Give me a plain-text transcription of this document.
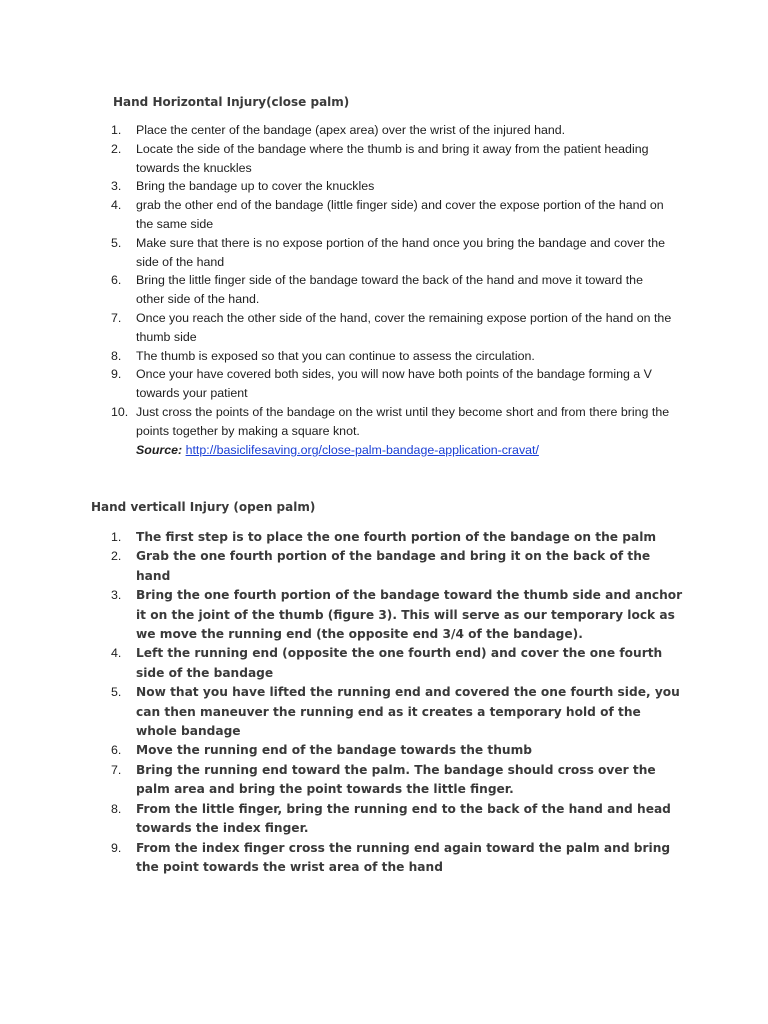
Hand Horizontal Injury(close palm)
1. Place the center of the bandage (apex area) over the wrist of the injured hand.
2. Locate the side of the bandage where the thumb is and bring it away from the patient heading towards the knuckles
3. Bring the bandage up to cover the knuckles
4. grab the other end of the bandage (little finger side) and cover the expose portion of the hand on the same side
5. Make sure that there is no expose portion of the hand once you bring the bandage and cover the side of the hand
6. Bring the little finger side of the bandage toward the back of the hand and move it toward the other side of the hand.
7. Once you reach the other side of the hand, cover the remaining expose portion of the hand on the thumb side
8. The thumb is exposed so that you can continue to assess the circulation.
9. Once your have covered both sides, you will now have both points of the bandage forming a V towards your patient
10. Just cross the points of the bandage on the wrist until they become short and from there bring the points together by making a square knot.
Source: http://basiclifesaving.org/close-palm-bandage-application-cravat/
Hand verticall Injury (open palm)
1. The first step is to place the one fourth portion of the bandage on the palm
2. Grab the one fourth portion of the bandage and bring it on the back of the hand
3. Bring the one fourth portion of the bandage toward the thumb side and anchor it on the joint of the thumb (figure 3). This will serve as our temporary lock as we move the running end (the opposite end 3/4 of the bandage).
4. Left the running end (opposite the one fourth end) and cover the one fourth side of the bandage
5. Now that you have lifted the running end and covered the one fourth side, you can then maneuver the running end as it creates a temporary hold of the whole bandage
6. Move the running end of the bandage towards the thumb
7. Bring the running end toward the palm. The bandage should cross over the palm area and bring the point towards the little finger.
8. From the little finger, bring the running end to the back of the hand and head towards the index finger.
9. From the index finger cross the running end again toward the palm and bring the point towards the wrist area of the hand
